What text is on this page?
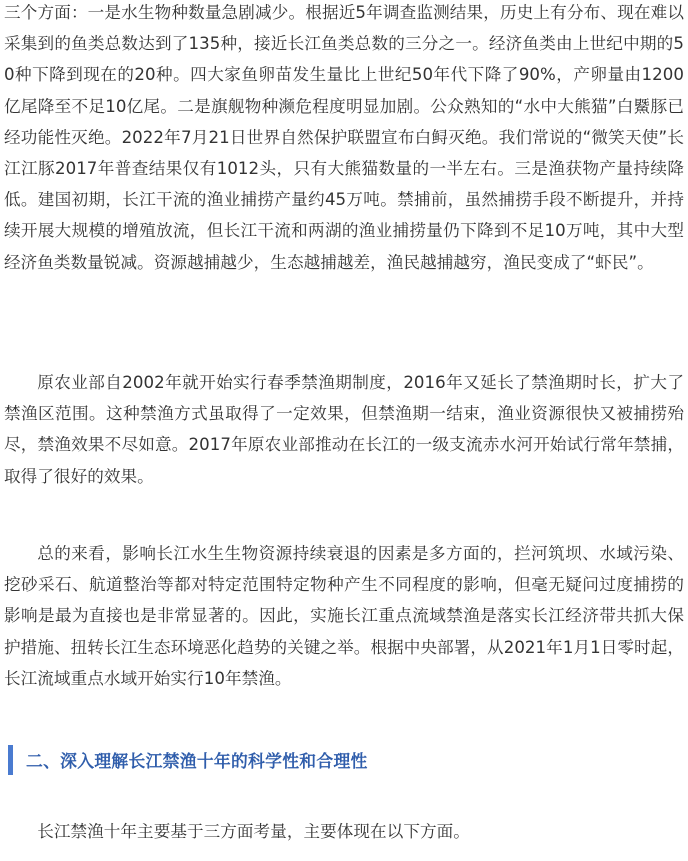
三个方面：一是水生物种数量急剧减少。根据近5年调查监测结果，历史上有分布、现在难以采集到的鱼类总数达到了135种，接近长江鱼类总数的三分之一。经济鱼类由上世纪中期的50种下降到现在的20种。四大家鱼卵苗发生量比上世纪50年代下降了90%，产卵量由1200亿尾降至不足10亿尾。二是旗舰物种濒危程度明显加剧。公众熟知的“水中大熊猫”白鱀豚已经功能性灭绝。2022年7月21日世界自然保护联盟宣布白鲟灭绝。我们常说的“微笑天使”长江江豚2017年普查结果仅有1012头，只有大熊猫数量的一半左右。三是渔获物产量持续降低。建国初期，长江干流的渔业捕捞产量约45万吨。禁捕前，虽然捕捞手段不断提升，并持续开展大规模的增殖放流，但长江干流和两湖的渔业捕捞量仍下降到不足10万吨，其中大型经济鱼类数量锐减。资源越捕越少，生态越捕越差，渔民越捕越穷，渔民变成了“虾民”。

原农业部自2002年就开始实行春季禁渔期制度，2016年又延长了禁渔期时长，扩大了禁渔区范围。这种禁渔方式虽取得了一定效果，但禁渔期一结束，渔业资源很快又被捕捞殆尽，禁渔效果不尽如意。2017年原农业部推动在长江的一级支流赤水河开始试行常年禁捕，取得了很好的效果。

总的来看，影响长江水生生物资源持续衰退的因素是多方面的，拦河筑坝、水域污染、挖砂采石、航道整治等都对特定范围特定物种产生不同程度的影响，但毫无疑问过度捕捞的影响是最为直接也是非常显著的。因此，实施长江重点流域禁渔是落实长江经济带共抓大保护措施、扭转长江生态环境恶化趋势的关键之举。根据中央部署，从2021年1月1日零时起，长江流域重点水域开始实行10年禁渔。

二、深入理解长江禁渔十年的科学性和合理性

长江禁渔十年主要基于三方面考量，主要体现在以下方面。
